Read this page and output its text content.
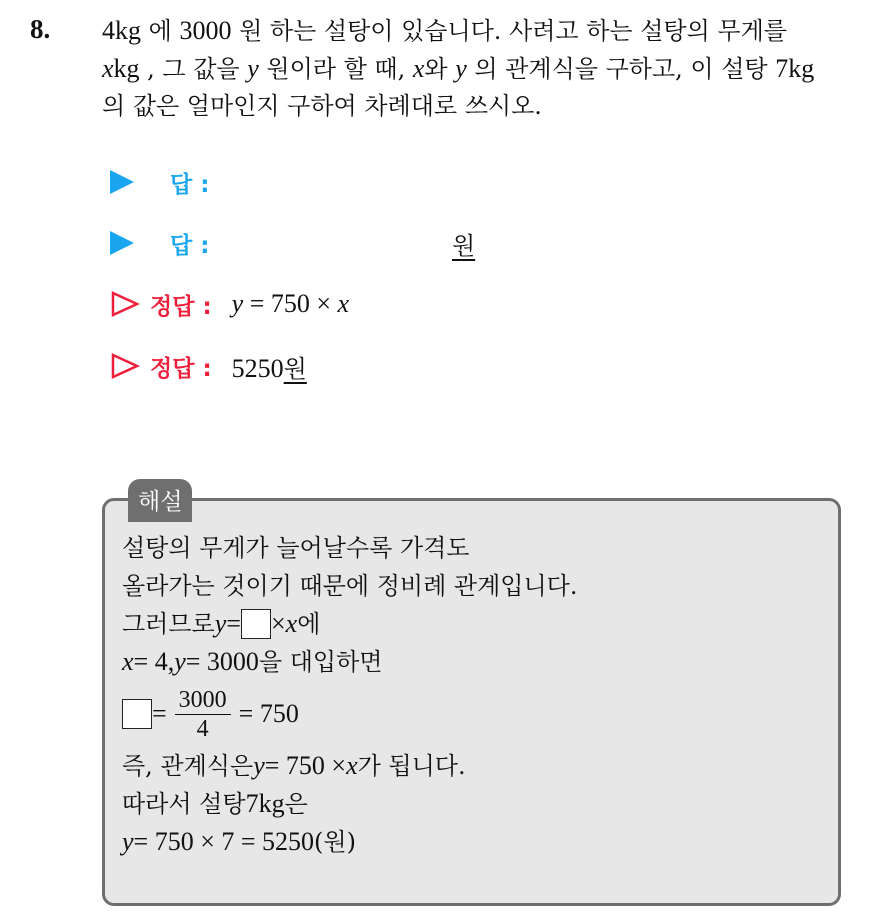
8. 4kg 에 3000 원 하는 설탕이 있습니다. 사려고 하는 설탕의 무게를

xkg , 그 값을 y 원이라 할 때, x와 y 의 관계식을 구하고, 이 설탕 7kg

의 값은 얼마인지 구하여 차례대로 쓰시오.

답 :
답 :	원
정답 : y = 750 × x
정답 : 5250원
해설
설탕의 무게가 늘어날수록 가격도
올라가는 것이기 때문에 정비례 관계입니다.
그러므로 y = × x 에
x = 4, y = 3000 을 대입하면
= $\frac{3000}{4} = 750$
즉, 관계식은 y = 750 × x 가 됩니다.
따라서 설탕 7 kg 은
y = 750 × 7 = 5250 (원)
